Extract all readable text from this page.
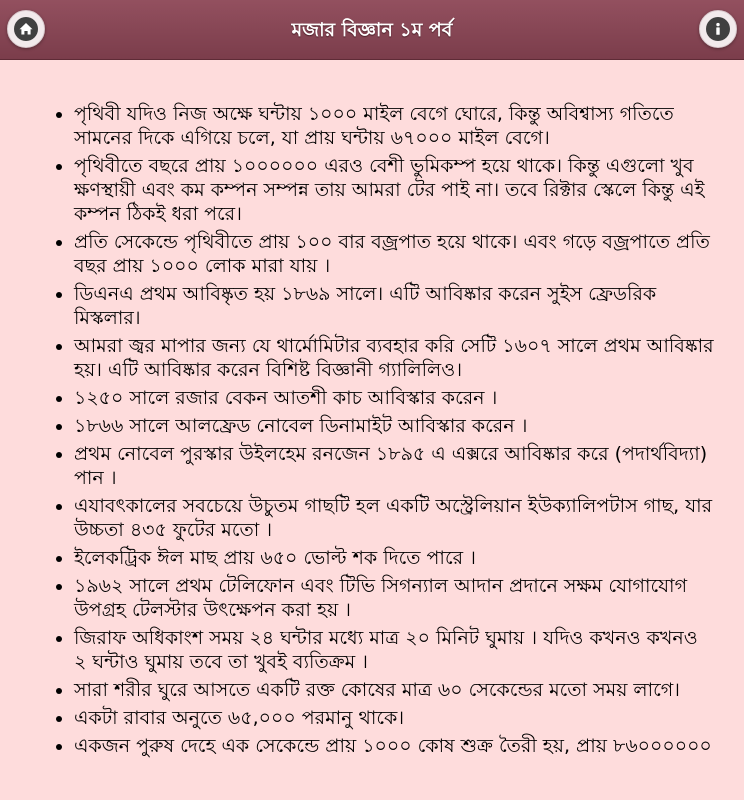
মজার বিজ্ঞান ১ম পর্ব
• পৃথিবী যদিও নিজ অক্ষে ঘন্টায় ১০০০ মাইল বেগে ঘোরে, কিন্তু অবিশ্বাস্য গতিতে সামনের দিকে এগিয়ে চলে, যা প্রায় ঘন্টায় ৬৭০০০ মাইল বেগে।
• পৃথিবীতে বছরে প্রায় ১০০০০০০ এরও বেশী ভুমিকম্প হয়ে থাকে। কিন্তু এগুলো খুব ক্ষণস্থায়ী এবং কম কম্পন সম্পন্ন তায় আমরা টের পাই না। তবে রিক্টার স্কেলে কিন্তু এই কম্পন ঠিকই ধরা পরে।
• প্রতি সেকেন্ডে পৃথিবীতে প্রায় ১০০ বার বজ্রপাত হয়ে থাকে। এবং গড়ে বজ্রপাতে প্রতি বছর প্রায় ১০০০ লোক মারা যায় ।
• ডিএনএ প্রথম আবিষ্কৃত হয় ১৮৬৯ সালে। এটি আবিষ্কার করেন সুইস ফ্রেডরিক মিস্কলার।
• আমরা জ্বর মাপার জন্য যে থার্মোমিটার ব্যবহার করি সেটি ১৬০৭ সালে প্রথম আবিষ্কার হয়। এটি আবিষ্কার করেন বিশিষ্ট বিজ্ঞানী গ্যালিলিও।
• ১২৫০ সালে রজার বেকন আতশী কাচ আবিস্কার করেন ।
• ১৮৬৬ সালে আলফ্রেড নোবেল ডিনামাইট আবিস্কার করেন ।
• প্রথম নোবেল পুরস্কার উইলহেম রনজেন ১৮৯৫ এ এক্সরে আবিষ্কার করে (পদার্থবিদ্যা) পান ।
• এযাবৎকালের সবচেয়ে উচুতম গাছটি হল একটি অস্ট্রেলিয়ান ইউক্যালিপটাস গাছ, যার উচ্চতা ৪৩৫ ফুটের মতো ।
• ইলেকট্রিক ঈল মাছ প্রায় ৬৫০ ভোল্ট শক দিতে পারে ।
• ১৯৬২ সালে প্রথম টেলিফোন এবং টিভি সিগন্যাল আদান প্রদানে সক্ষম যোগাযোগ উপগ্রহ টেলস্টার উৎক্ষেপন করা হয় ।
• জিরাফ অধিকাংশ সময় ২৪ ঘন্টার মধ্যে মাত্র ২০ মিনিট ঘুমায় । যদিও কখনও কখনও ২ ঘন্টাও ঘুমায় তবে তা খুবই ব্যতিক্রম ।
• সারা শরীর ঘুরে আসতে একটি রক্ত কোষের মাত্র ৬০ সেকেন্ডের মতো সময় লাগে।
• একটা রাবার অনুতে ৬৫,০০০ পরমানু থাকে।
• একজন পুরুষ দেহে এক সেকেন্ডে প্রায় ১০০০ কোষ শুক্র তৈরী হয়, প্রায় ৮৬০০০০০০
